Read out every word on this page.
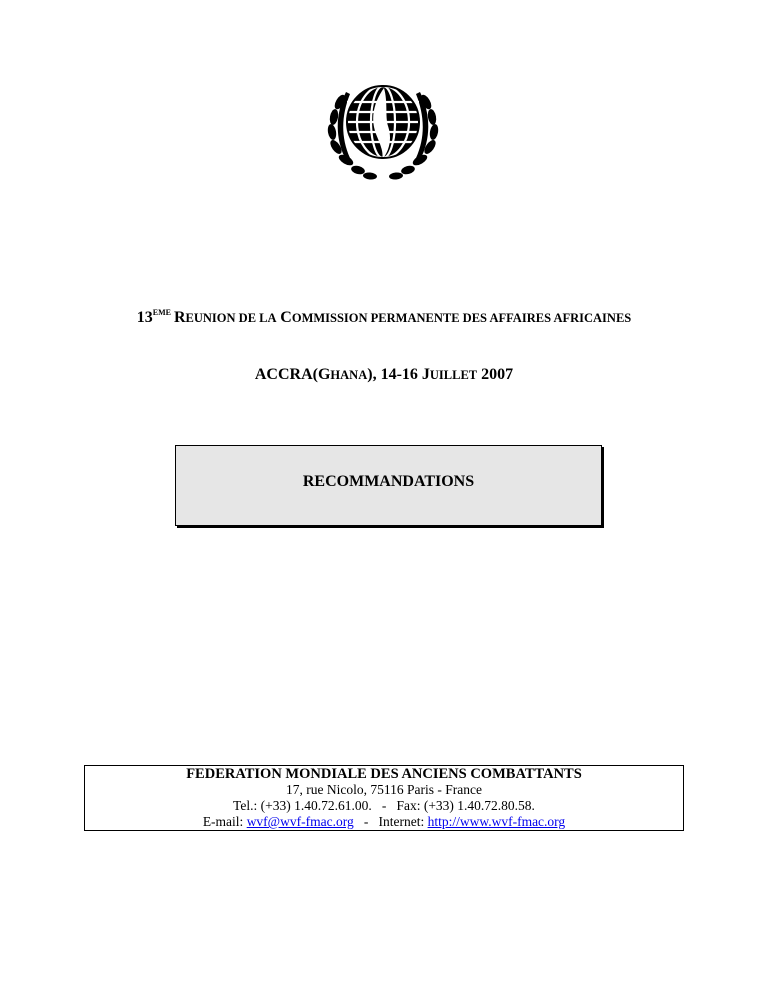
13EME REUNION DE LA COMMISSION PERMANENTE DES AFFAIRES AFRICAINES
ACCRA(GHANA), 14-16 JUILLET 2007
RECOMMANDATIONS
FEDERATION MONDIALE DES ANCIENS COMBATTANTS
17, rue Nicolo, 75116 Paris - France
Tel.: (+33) 1.40.72.61.00.   -   Fax: (+33) 1.40.72.80.58.
E-mail: wvf@wvf-fmac.org   -   Internet: http://www.wvf-fmac.org
